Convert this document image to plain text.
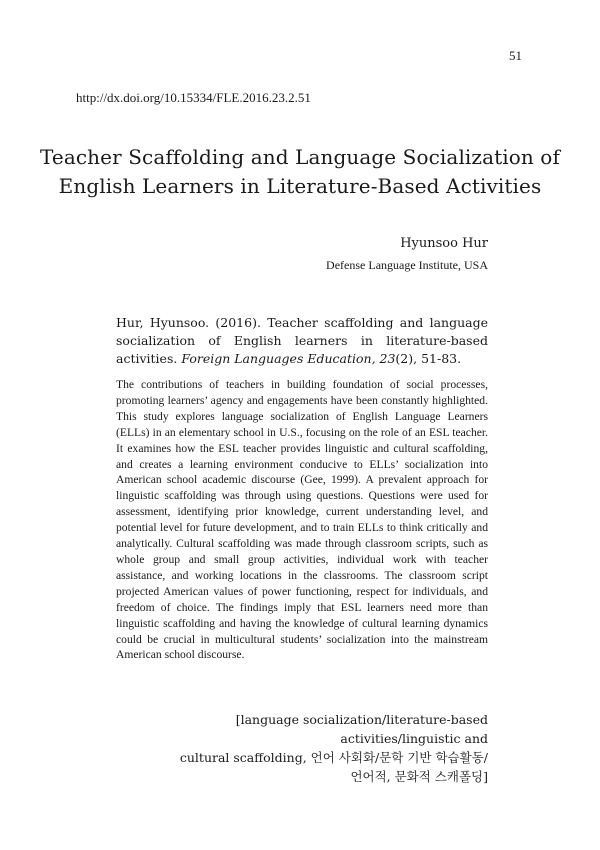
51
http://dx.doi.org/10.15334/FLE.2016.23.2.51
Teacher Scaffolding and Language Socialization of
English Learners in Literature-Based Activities
Hyunsoo Hur
Defense Language Institute, USA
Hur, Hyunsoo. (2016). Teacher scaffolding and language socialization of English learners in literature-based activities. Foreign Languages Education, 23(2), 51-83.
The contributions of teachers in building foundation of social processes, promoting learners’ agency and engagements have been constantly highlighted. This study explores language socialization of English Language Learners (ELLs) in an elementary school in U.S., focusing on the role of an ESL teacher. It examines how the ESL teacher provides linguistic and cultural scaffolding, and creates a learning environment conducive to ELLs’ socialization into American school academic discourse (Gee, 1999). A prevalent approach for linguistic scaffolding was through using questions. Questions were used for assessment, identifying prior knowledge, current understanding level, and potential level for future development, and to train ELLs to think critically and analytically. Cultural scaffolding was made through classroom scripts, such as whole group and small group activities, individual work with teacher assistance, and working locations in the classrooms. The classroom script projected American values of power functioning, respect for individuals, and freedom of choice. The findings imply that ESL learners need more than linguistic scaffolding and having the knowledge of cultural learning dynamics could be crucial in multicultural students’ socialization into the mainstream American school discourse.
[language socialization/literature-based activities/linguistic and
cultural scaffolding, 언어 사회화/문학 기반 학습활동/
언어적, 문화적 스캐폴딩]
